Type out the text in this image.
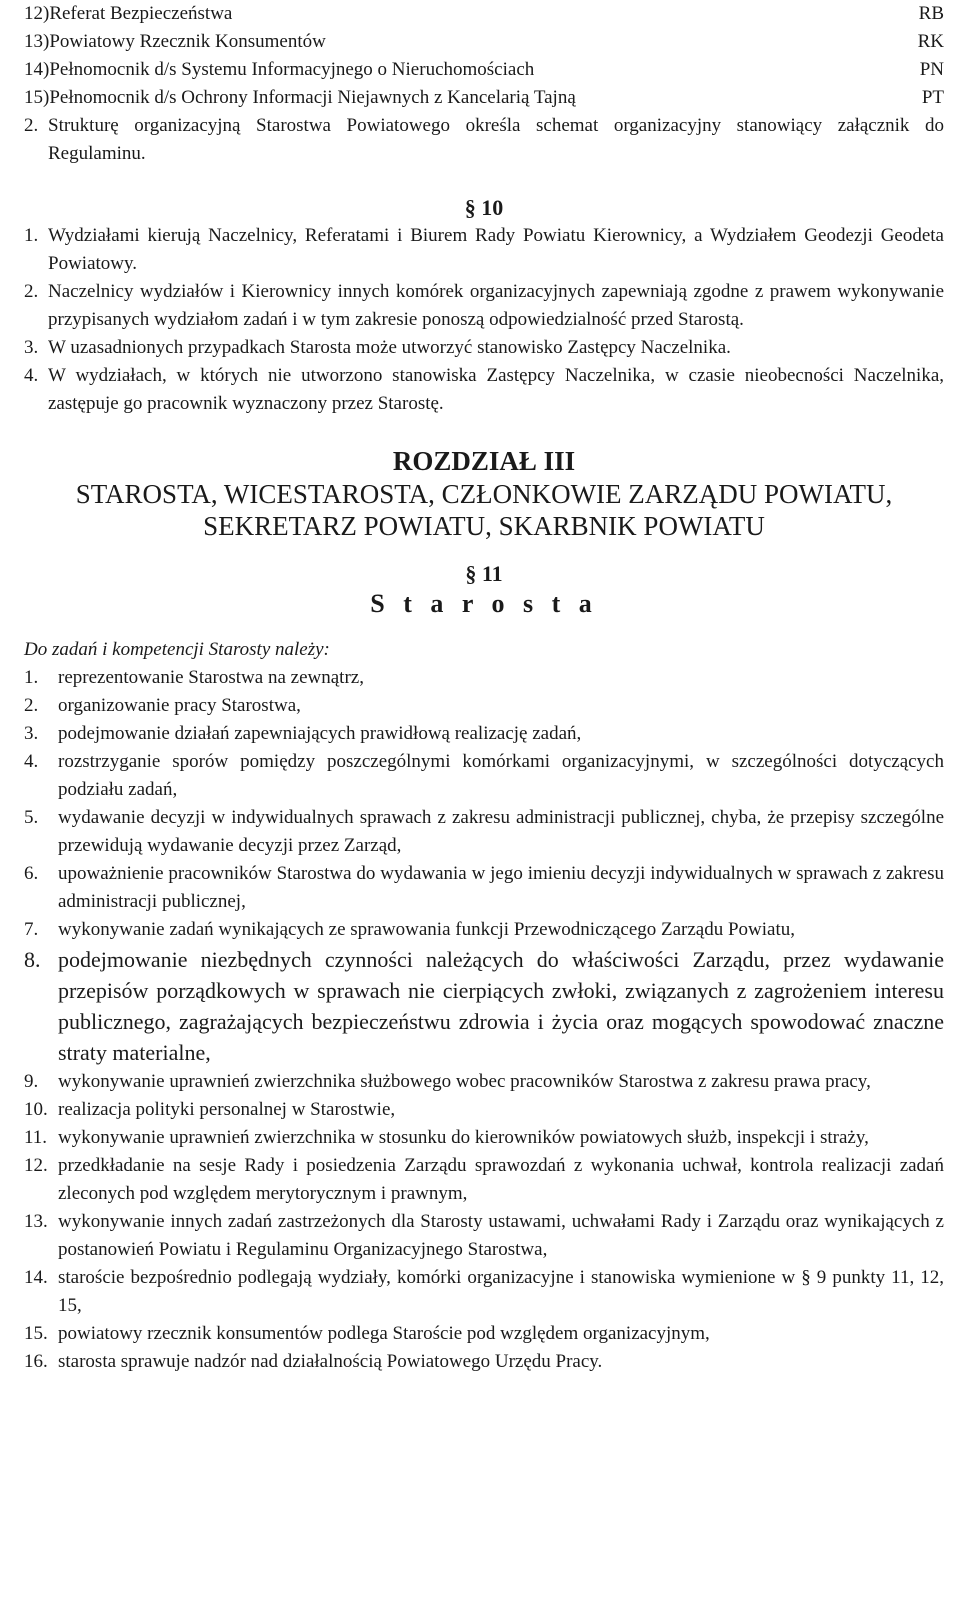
12)Referat Bezpieczeństwa	RB
13)Powiatowy Rzecznik Konsumentów	RK
14)Pełnomocnik d/s Systemu Informacyjnego o Nieruchomościach	PN
15)Pełnomocnik d/s Ochrony Informacji Niejawnych z Kancelarią Tajną	PT
2. Strukturę organizacyjną Starostwa Powiatowego określa schemat organizacyjny stanowiący załącznik do Regulaminu.
§ 10
1. Wydziałami kierują Naczelnicy, Referatami i Biurem Rady Powiatu Kierownicy, a Wydziałem Geodezji Geodeta Powiatowy.
2. Naczelnicy wydziałów i Kierownicy innych komórek organizacyjnych zapewniają zgodne z prawem wykonywanie przypisanych wydziałom zadań i w tym zakresie ponoszą odpowiedzialność przed Starostą.
3. W uzasadnionych przypadkach Starosta może utworzyć stanowisko Zastępcy Naczelnika.
4. W wydziałach, w których nie utworzono stanowiska Zastępcy Naczelnika, w czasie nieobecności Naczelnika, zastępuje go pracownik wyznaczony przez Starostę.
ROZDZIAŁ III
STAROSTA, WICESTAROSTA, CZŁONKOWIE ZARZĄDU POWIATU,
SEKRETARZ POWIATU, SKARBNIK POWIATU
§ 11
S t a r o s t a
Do zadań i kompetencji Starosty należy:
1.	reprezentowanie Starostwa na zewnątrz,
2.	organizowanie pracy Starostwa,
3.	podejmowanie działań zapewniających prawidłową realizację zadań,
4.	rozstrzyganie sporów pomiędzy poszczególnymi komórkami organizacyjnymi, w szczególności dotyczących podziału zadań,
5.	wydawanie decyzji w indywidualnych sprawach z zakresu administracji publicznej, chyba, że przepisy szczególne przewidują wydawanie decyzji przez Zarząd,
6.	upoważnienie pracowników Starostwa do wydawania w jego imieniu decyzji indywidualnych w sprawach z zakresu administracji publicznej,
7.	wykonywanie zadań wynikających ze sprawowania funkcji Przewodniczącego Zarządu Powiatu,
8. podejmowanie niezbędnych czynności należących do właściwości Zarządu, przez wydawanie przepisów porządkowych w sprawach nie cierpiących zwłoki, związanych z zagrożeniem interesu publicznego, zagrażających bezpieczeństwu zdrowia i życia oraz mogących spowodować znaczne straty materialne,
9.	wykonywanie uprawnień zwierzchnika służbowego wobec pracowników Starostwa z zakresu prawa pracy,
10. realizacja polityki personalnej w Starostwie,
11. wykonywanie uprawnień zwierzchnika w stosunku do kierowników powiatowych służb, inspekcji i straży,
12. przedkładanie na sesje Rady i posiedzenia Zarządu sprawozdań z wykonania uchwał, kontrola realizacji zadań zleconych pod względem merytorycznym i prawnym,
13. wykonywanie innych zadań zastrzeżonych dla Starosty ustawami, uchwałami Rady i Zarządu oraz wynikających z postanowień Powiatu i Regulaminu Organizacyjnego Starostwa,
14. staroście bezpośrednio podlegają wydziały, komórki organizacyjne i stanowiska wymienione w § 9 punkty 11, 12, 15,
15. powiatowy rzecznik konsumentów podlega Staroście pod względem organizacyjnym,
16. starosta sprawuje nadzór nad działalnością Powiatowego Urzędu Pracy.
